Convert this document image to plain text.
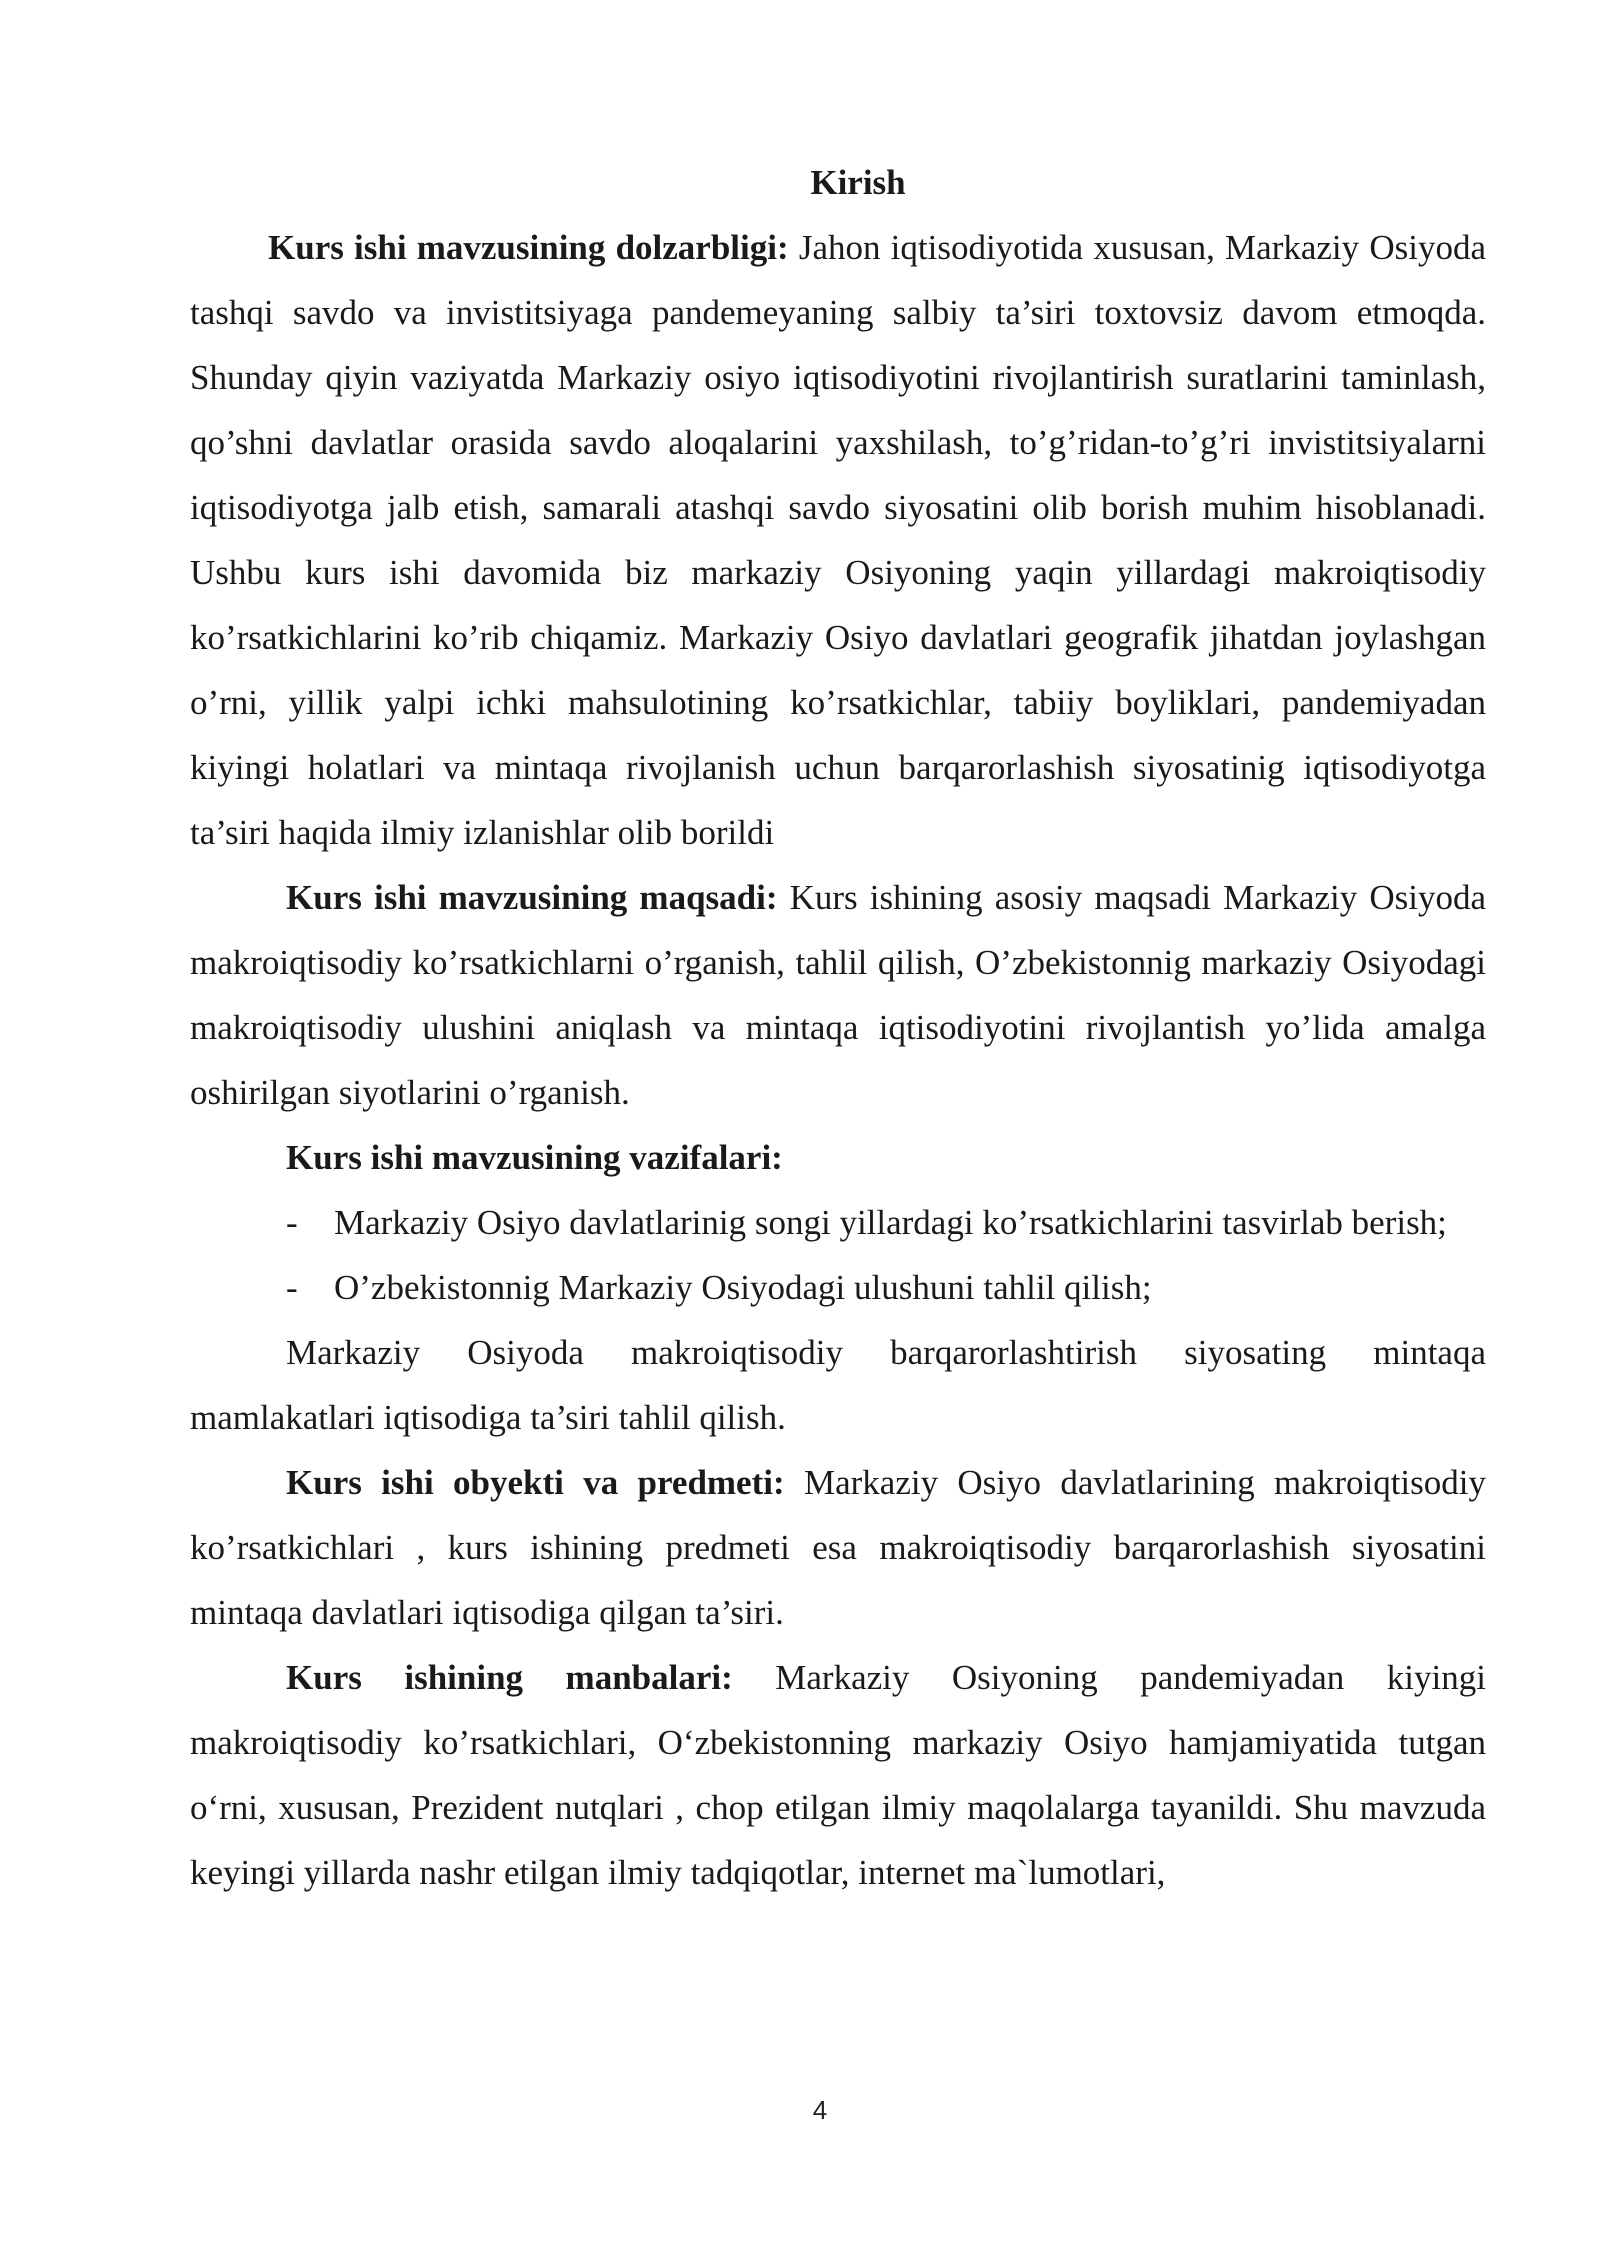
Kirish

Kurs ishi mavzusining dolzarbligi: Jahon iqtisodiyotida xususan, Markaziy Osiyoda tashqi savdo va invistitsiyaga pandemeyaning salbiy ta’siri toxtovsiz davom etmoqda. Shunday qiyin vaziyatda Markaziy osiyo iqtisodiyotini rivojlantirish suratlarini taminlash, qo’shni davlatlar orasida savdo aloqalarini yaxshilash, to’g’ridan-to’g’ri invistitsiyalarni iqtisodiyotga jalb etish, samarali atashqi savdo siyosatini olib borish muhim hisoblanadi. Ushbu kurs ishi davomida biz markaziy Osiyoning yaqin yillardagi makroiqtisodiy ko’rsatkichlarini ko’rib chiqamiz. Markaziy Osiyo davlatlari geografik jihatdan joylashgan o’rni, yillik yalpi ichki mahsulotining ko’rsatkichlar, tabiiy boyliklari, pandemiyadan kiyingi holatlari va mintaqa rivojlanish uchun barqarorlashish siyosatinig iqtisodiyotga ta’siri haqida ilmiy izlanishlar olib borildi

Kurs ishi mavzusining maqsadi: Kurs ishining asosiy maqsadi Markaziy Osiyoda makroiqtisodiy ko’rsatkichlarni o’rganish, tahlil qilish, O’zbekistonnig markaziy Osiyodagi makroiqtisodiy ulushini aniqlash va mintaqa iqtisodiyotini rivojlantish yo’lida amalga oshirilgan siyotlarini o’rganish.

Kurs ishi mavzusining vazifalari:
- Markaziy Osiyo davlatlarinig songi yillardagi ko’rsatkichlarini tasvirlab berish;
- O’zbekistonnig Markaziy Osiyodagi ulushuni tahlil qilish;

Markaziy Osiyoda makroiqtisodiy barqarorlashtirish siyosating mintaqa mamlakatlari iqtisodiga ta’siri tahlil qilish.

Kurs ishi obyekti va predmeti: Markaziy Osiyo davlatlarining makroiqtisodiy ko’rsatkichlari , kurs ishining predmeti esa makroiqtisodiy barqarorlashish siyosatini mintaqa davlatlari iqtisodiga qilgan ta’siri.

Kurs ishining manbalari: Markaziy Osiyoning pandemiyadan kiyingi makroiqtisodiy ko’rsatkichlari, O‘zbekistonning markaziy Osiyo hamjamiyatida tutgan o‘rni, xususan, Prezident nutqlari , chop etilgan ilmiy maqolalarga tayanildi. Shu mavzuda keyingi yillarda nashr etilgan ilmiy tadqiqotlar, internet ma`lumotlari,

4
